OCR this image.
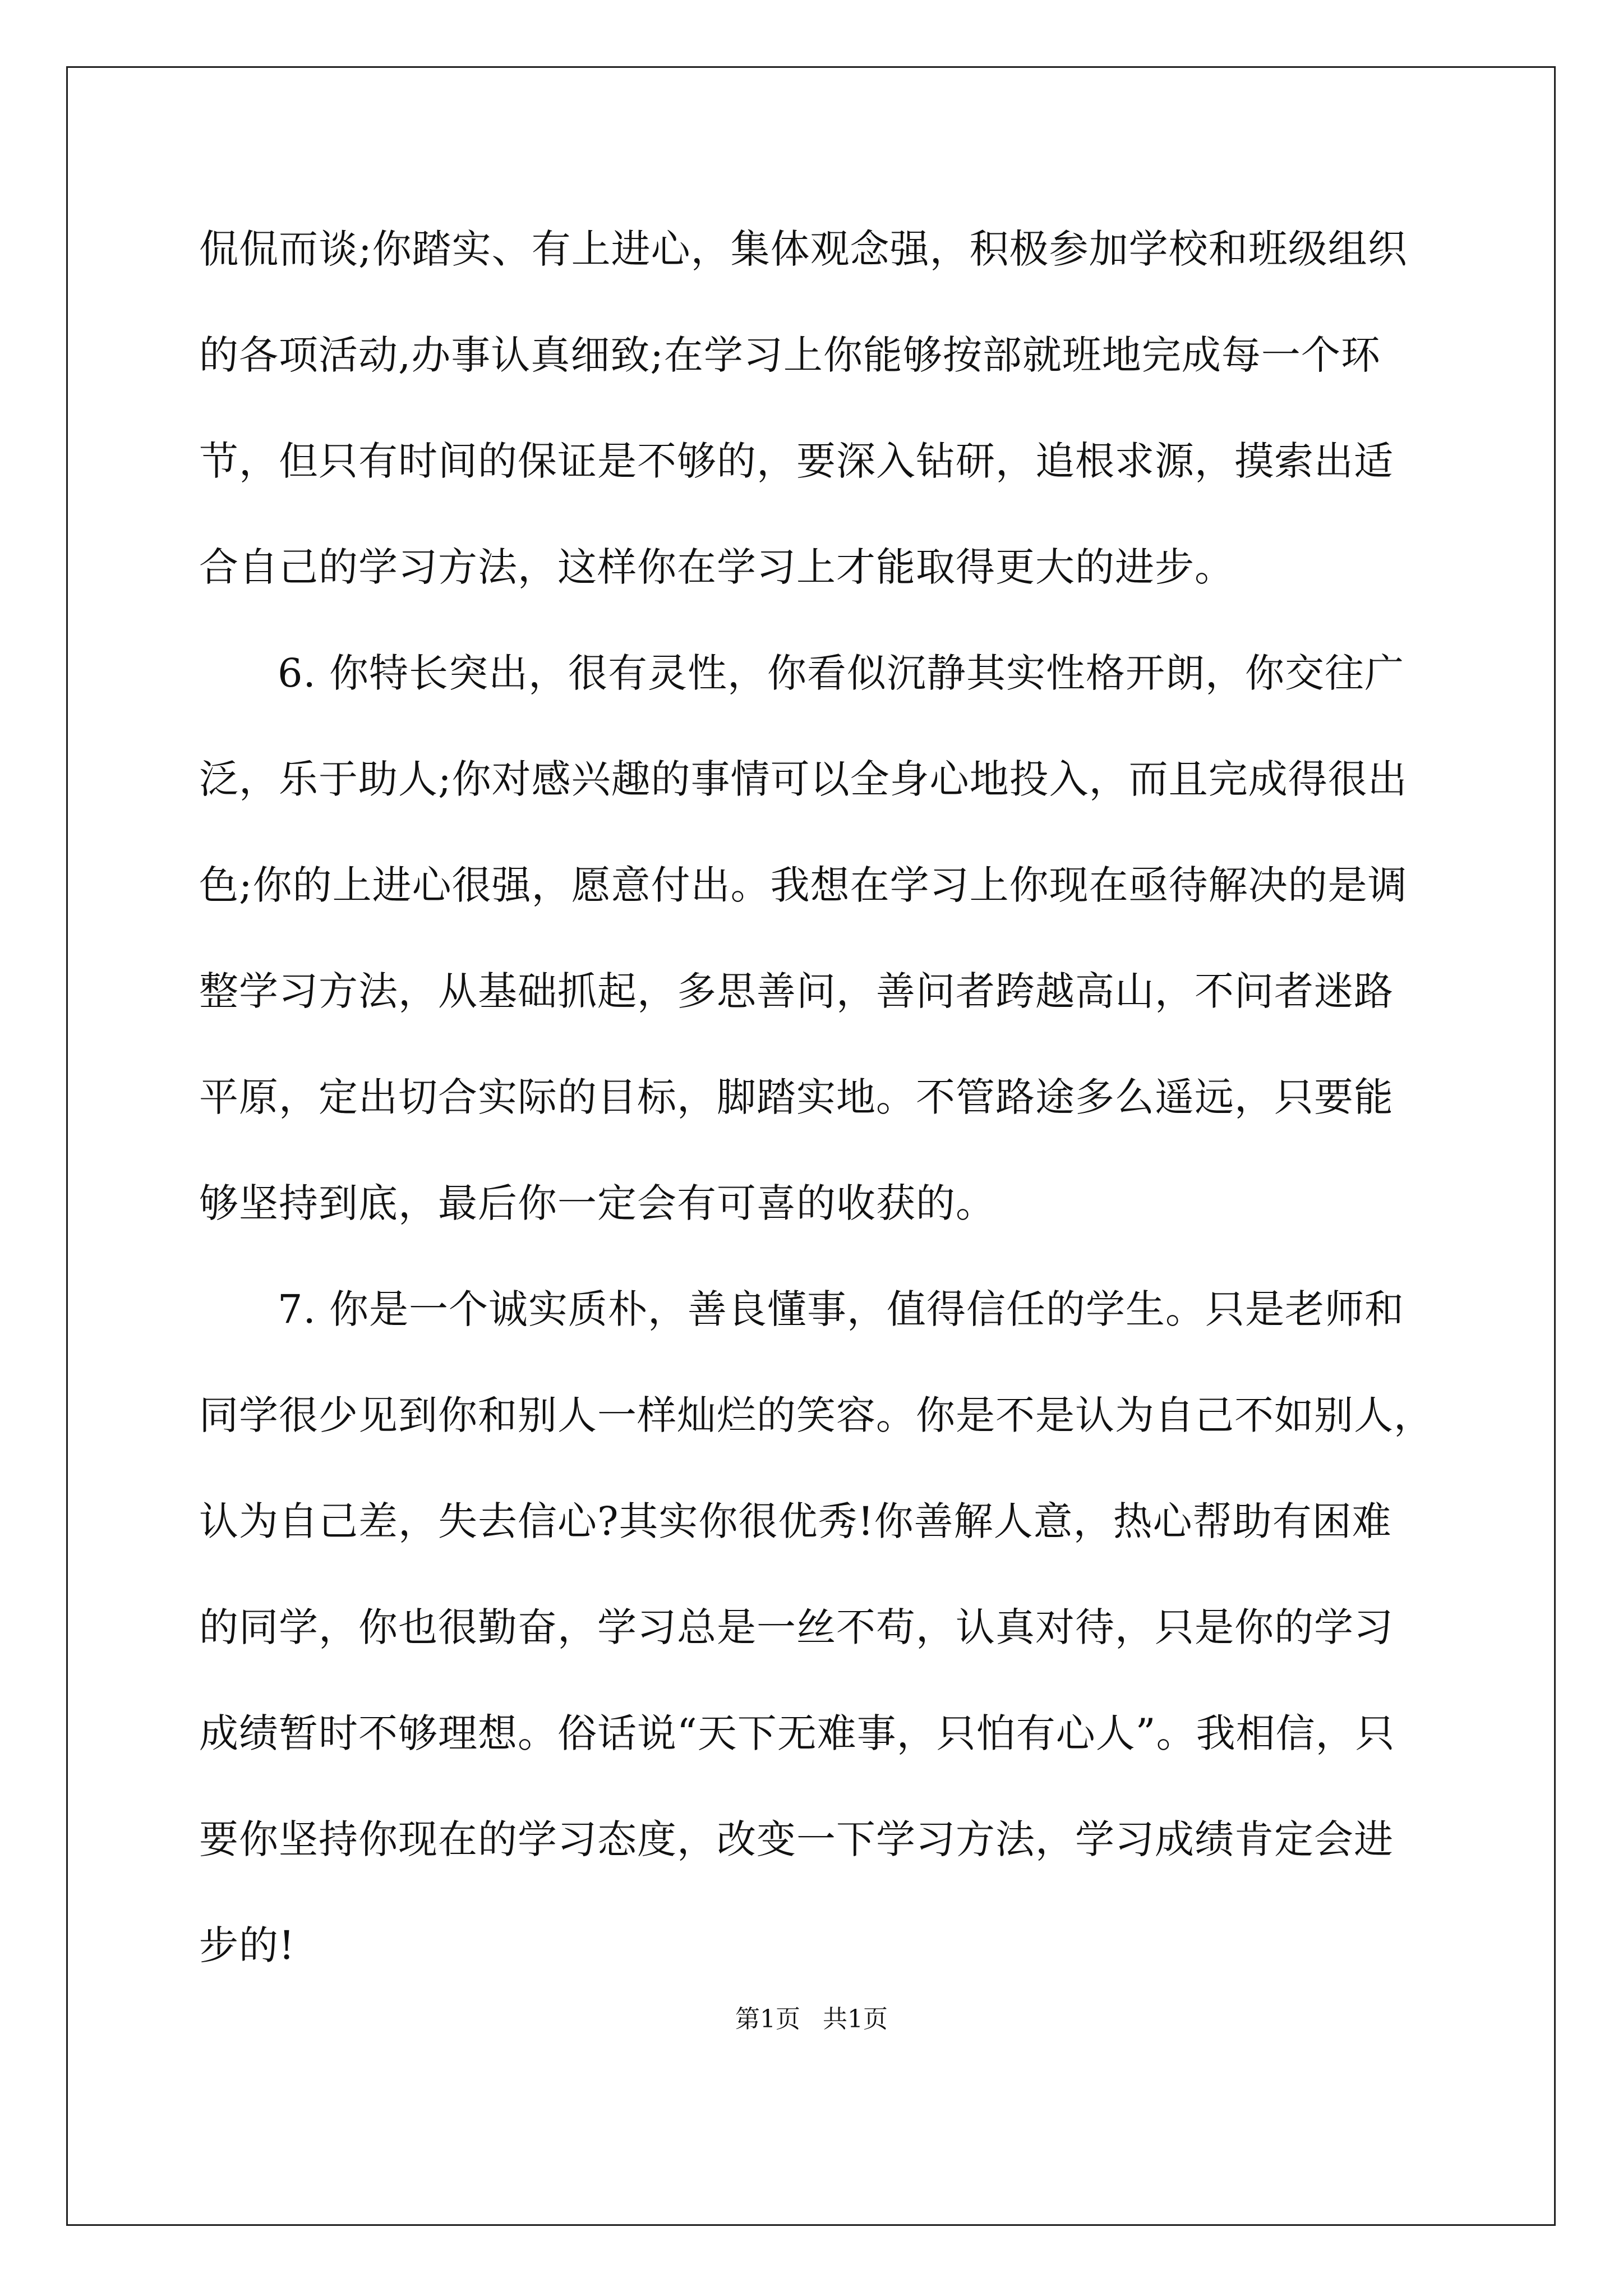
侃侃而谈;你踏实、有上进心，集体观念强，积极参加学校和班级组织
的各项活动,办事认真细致;在学习上你能够按部就班地完成每一个环
节，但只有时间的保证是不够的，要深入钻研，追根求源，摸索出适
合自己的学习方法，这样你在学习上才能取得更大的进步。
6. 你特长突出，很有灵性，你看似沉静其实性格开朗，你交往广
泛，乐于助人;你对感兴趣的事情可以全身心地投入，而且完成得很出
色;你的上进心很强，愿意付出。我想在学习上你现在亟待解决的是调
整学习方法，从基础抓起，多思善问，善问者跨越高山，不问者迷路
平原，定出切合实际的目标，脚踏实地。不管路途多么遥远，只要能
够坚持到底，最后你一定会有可喜的收获的。
7. 你是一个诚实质朴，善良懂事，值得信任的学生。只是老师和
同学很少见到你和别人一样灿烂的笑容。你是不是认为自己不如别人，
认为自己差，失去信心?其实你很优秀!你善解人意，热心帮助有困难
的同学，你也很勤奋，学习总是一丝不苟，认真对待，只是你的学习
成绩暂时不够理想。俗话说“天下无难事，只怕有心人”。我相信，只
要你坚持你现在的学习态度，改变一下学习方法，学习成绩肯定会进
步的!
第1页 共1页
